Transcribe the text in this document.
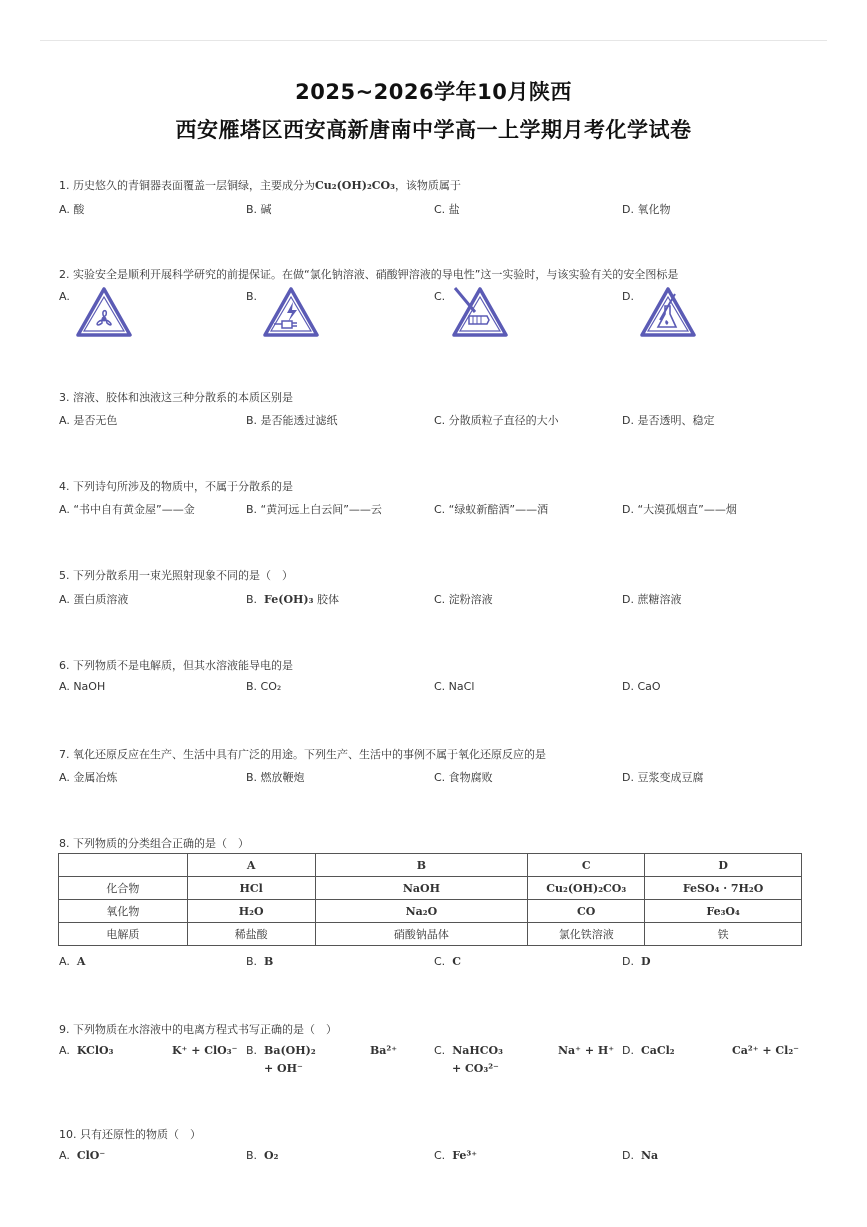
2025~2026学年10月陕西
西安雁塔区西安高新唐南中学高一上学期月考化学试卷
1. 历史悠久的青铜器表面覆盖一层铜绿，主要成分为Cu₂(OH)₂CO₃，该物质属于
A. 酸	B. 碱	C. 盐	D. 氧化物
2. 实验安全是顺利开展科学研究的前提保证。在做“氯化钠溶液、硝酸钾溶液的导电性”这一实验时，与该实验有关的安全图标是
A.	B.	C.	D.
3. 溶液、胶体和浊液这三种分散系的本质区别是
A. 是否无色	B. 是否能透过滤纸	C. 分散质粒子直径的大小	D. 是否透明、稳定
4. 下列诗句所涉及的物质中，不属于分散系的是
A. “书中自有黄金屋”——金	B. “黄河远上白云间”——云	C. “绿蚁新醅酒”——酒	D. “大漠孤烟直”——烟
5. 下列分散系用一束光照射现象不同的是（　）
A. 蛋白质溶液	B. Fe(OH)₃ 胶体	C. 淀粉溶液	D. 蔗糖溶液
6. 下列物质不是电解质，但其水溶液能导电的是
A. NaOH	B. CO₂	C. NaCl	D. CaO
7. 氧化还原反应在生产、生活中具有广泛的用途。下列生产、生活中的事例不属于氧化还原反应的是
A. 金属冶炼	B. 燃放鞭炮	C. 食物腐败	D. 豆浆变成豆腐
8. 下列物质的分类组合正确的是（　）
	A	B	C	D
化合物	HCl	NaOH	Cu₂(OH)₂CO₃	FeSO₄ · 7H₂O
氧化物	H₂O	Na₂O	CO	Fe₃O₄
电解质	稀盐酸	硝酸钠晶体	氯化铁溶液	铁
A. A	B. B	C. C	D. D
9. 下列物质在水溶液中的电离方程式书写正确的是（　）
A. KClO₃	K⁺ + ClO₃⁻ B. Ba(OH)₂	Ba²⁺
+ OH⁻
C. NaHCO₃	Na⁺ + H⁺
+ CO₃²⁻
D. CaCl₂	Ca²⁺ + Cl₂⁻
10. 只有还原性的物质（　）
A. ClO⁻	B. O₂	C. Fe³⁺	D. Na
